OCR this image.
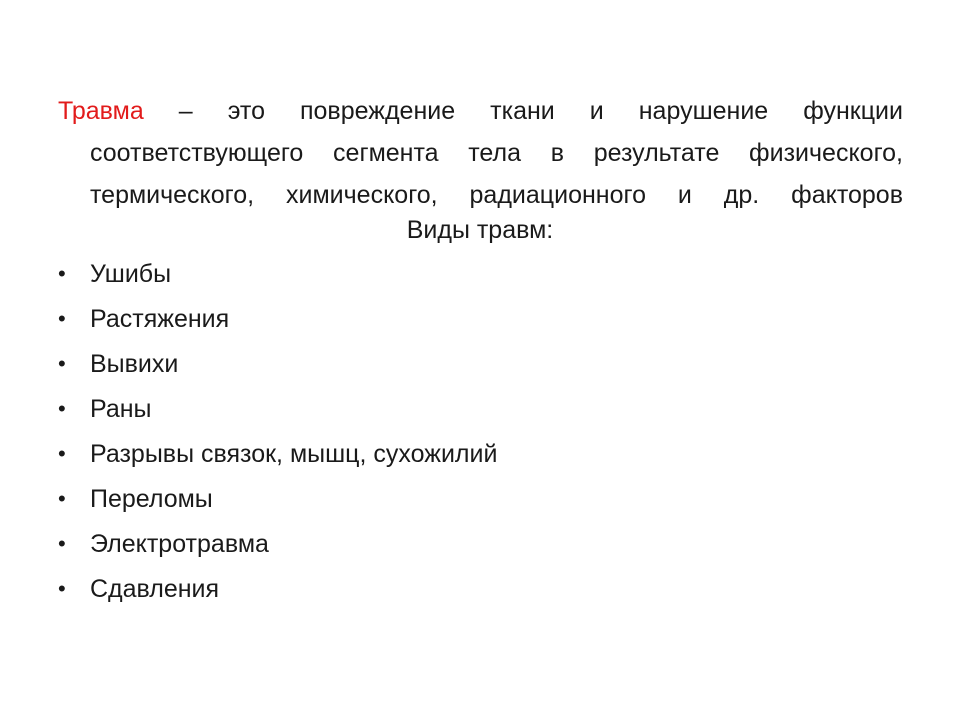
Травма – это повреждение ткани и нарушение функции
соответствующего сегмента тела в результате физического,
термического, химического, радиационного и др. факторов

Виды травм:

• Ушибы
• Растяжения
• Вывихи
• Раны
• Разрывы связок, мышц, сухожилий
• Переломы
• Электротравма
• Сдавления
